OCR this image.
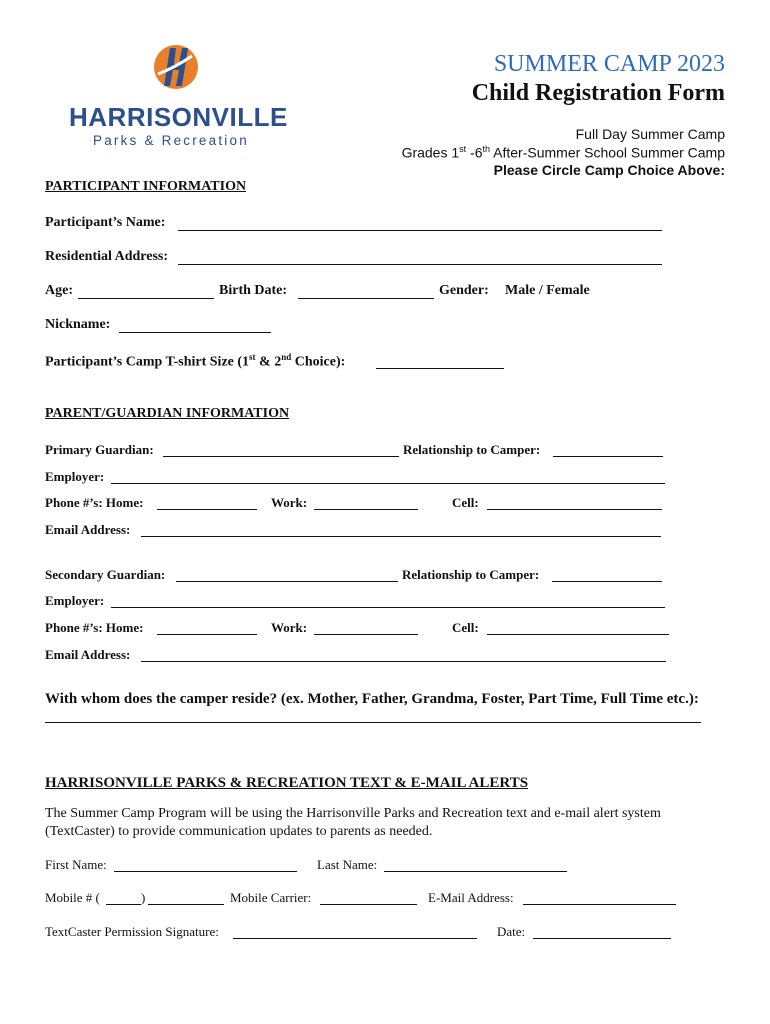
HARRISONVILLE
Parks & Recreation
SUMMER CAMP 2023
Child Registration Form
Full Day Summer Camp
Grades 1st -6th After-Summer School Summer Camp
Please Circle Camp Choice Above:
PARTICIPANT INFORMATION
Participant’s Name:
Residential Address:
Age:	Birth Date:	Gender: Male / Female
Nickname:
Participant’s Camp T-shirt Size (1st & 2nd Choice):
PARENT/GUARDIAN INFORMATION
Primary Guardian:	Relationship to Camper:
Employer:
Phone #’s: Home:	Work:	Cell:
Email Address:
Secondary Guardian:	Relationship to Camper:
Employer:
Phone #’s: Home:	Work:	Cell:
Email Address:
With whom does the camper reside? (ex. Mother, Father, Grandma, Foster, Part Time, Full Time etc.):
HARRISONVILLE PARKS & RECREATION TEXT & E-MAIL ALERTS
The Summer Camp Program will be using the Harrisonville Parks and Recreation text and e-mail alert system
(TextCaster) to provide communication updates to parents as needed.
First Name:	Last Name:
Mobile # (	)	Mobile Carrier:	E-Mail Address:
TextCaster Permission Signature:	Date:
